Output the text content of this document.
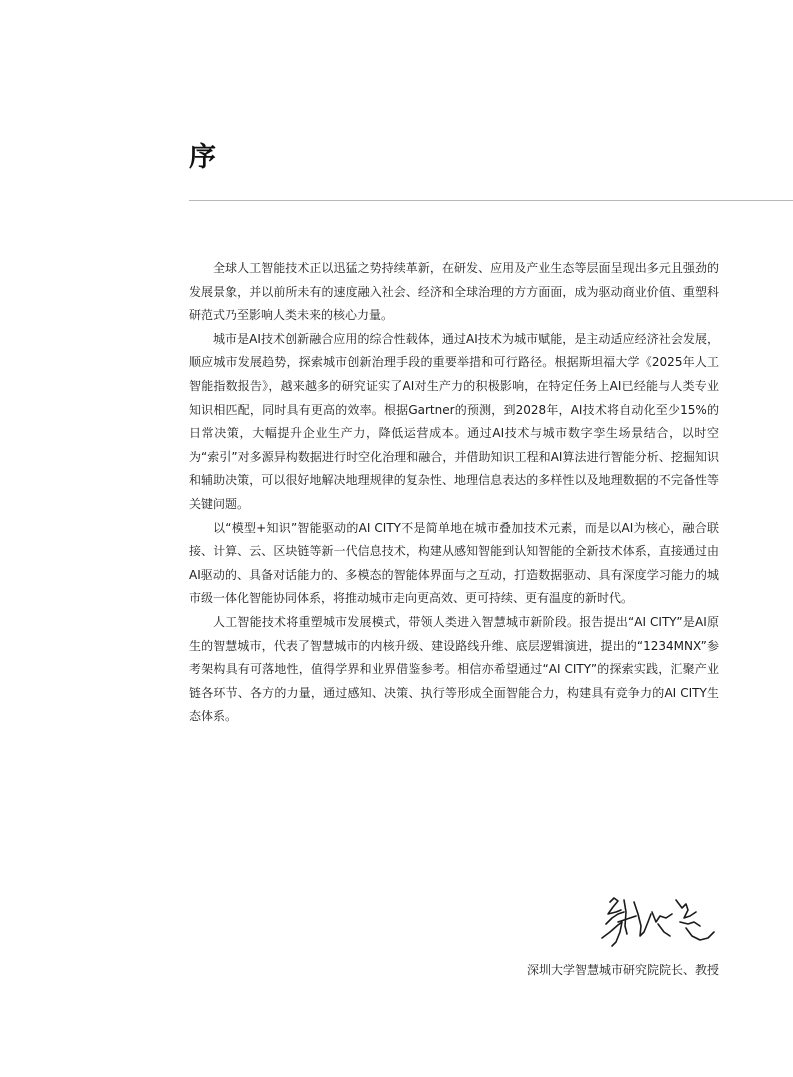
序

全球人工智能技术正以迅猛之势持续革新，在研发、应用及产业生态等层面呈现出多元且强劲的发展景象，并以前所未有的速度融入社会、经济和全球治理的方方面面，成为驱动商业价值、重塑科研范式乃至影响人类未来的核心力量。

城市是AI技术创新融合应用的综合性载体，通过AI技术为城市赋能，是主动适应经济社会发展，顺应城市发展趋势，探索城市创新治理手段的重要举措和可行路径。根据斯坦福大学《2025年人工智能指数报告》，越来越多的研究证实了AI对生产力的积极影响，在特定任务上AI已经能与人类专业知识相匹配，同时具有更高的效率。根据Gartner的预测，到2028年，AI技术将自动化至少15%的日常决策，大幅提升企业生产力，降低运营成本。通过AI技术与城市数字孪生场景结合，以时空为“索引”对多源异构数据进行时空化治理和融合，并借助知识工程和AI算法进行智能分析、挖掘知识和辅助决策，可以很好地解决地理规律的复杂性、地理信息表达的多样性以及地理数据的不完备性等关键问题。

以“模型+知识”智能驱动的AI CITY不是简单地在城市叠加技术元素，而是以AI为核心，融合联接、计算、云、区块链等新一代信息技术，构建从感知智能到认知智能的全新技术体系，直接通过由AI驱动的、具备对话能力的、多模态的智能体界面与之互动，打造数据驱动、具有深度学习能力的城市级一体化智能协同体系，将推动城市走向更高效、更可持续、更有温度的新时代。

人工智能技术将重塑城市发展模式，带领人类进入智慧城市新阶段。报告提出“AI CITY”是AI原生的智慧城市，代表了智慧城市的内核升级、建设路线升维、底层逻辑演进，提出的“1234MNX”参考架构具有可落地性，值得学界和业界借鉴参考。相信亦希望通过“AI CITY”的探索实践，汇聚产业链各环节、各方的力量，通过感知、决策、执行等形成全面智能合力，构建具有竞争力的AI CITY生态体系。

深圳大学智慧城市研究院院长、教授
